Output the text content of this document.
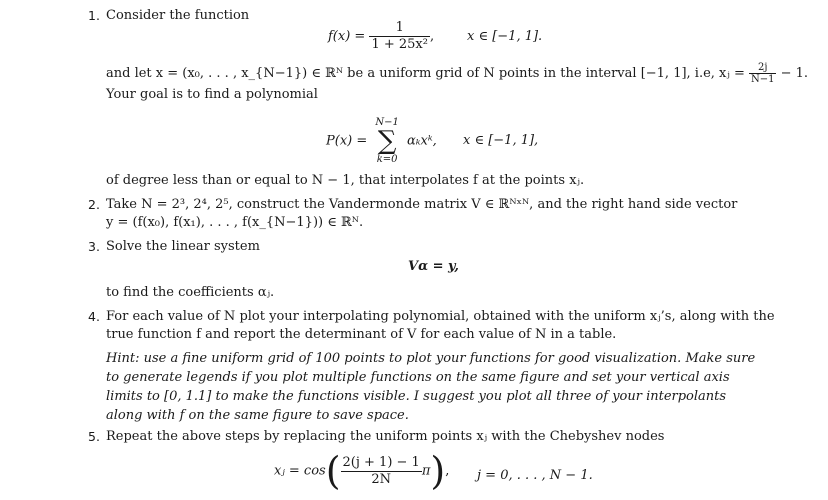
1. Consider the function
$f(x) = \frac{1}{\text{1 + 25x²}}$ ,	x ∈ [−1, 1].
and let x = (x₀, . . . , x_{N−1}) ∈ ℝᴺ be a uniform grid of N points in the interval [−1, 1], i.e, xⱼ = $\frac{2j}{N-1} - 1$.
Your goal is to find a polynomial
P(x) =
N−1
∑
k=0
αₖxᵏ, x ∈ [−1, 1],
of degree less than or equal to N − 1, that interpolates f at the points xⱼ.
2. Take N = 2³, 2⁴, 2⁵, construct the Vandermonde matrix V ∈ ℝᴺˣᴺ, and the right hand side vector
y = (f(x₀), f(x₁), . . . , f(x_{N−1})) ∈ ℝᴺ.
3. Solve the linear system
Vα = y,
to find the coefficients αⱼ.
4. For each value of N plot your interpolating polynomial, obtained with the uniform xⱼ’s, along with the
true function f and report the determinant of V for each value of N in a table.
Hint: use a fine uniform grid of 100 points to plot your functions for good visualization. Make sure to generate legends if you plot multiple functions on the same figure and set your vertical axis limits to [0, 1.1] to make the functions visible. I suggest you plot all three of your interpolants along with f on the same figure to save space.
5. Repeat the above steps by replacing the uniform points xⱼ with the Chebyshev nodes
xⱼ = $\cos( \frac{2(j + 1) - 1}{2N} \pi)$, j = 0, . . . , N − 1.
